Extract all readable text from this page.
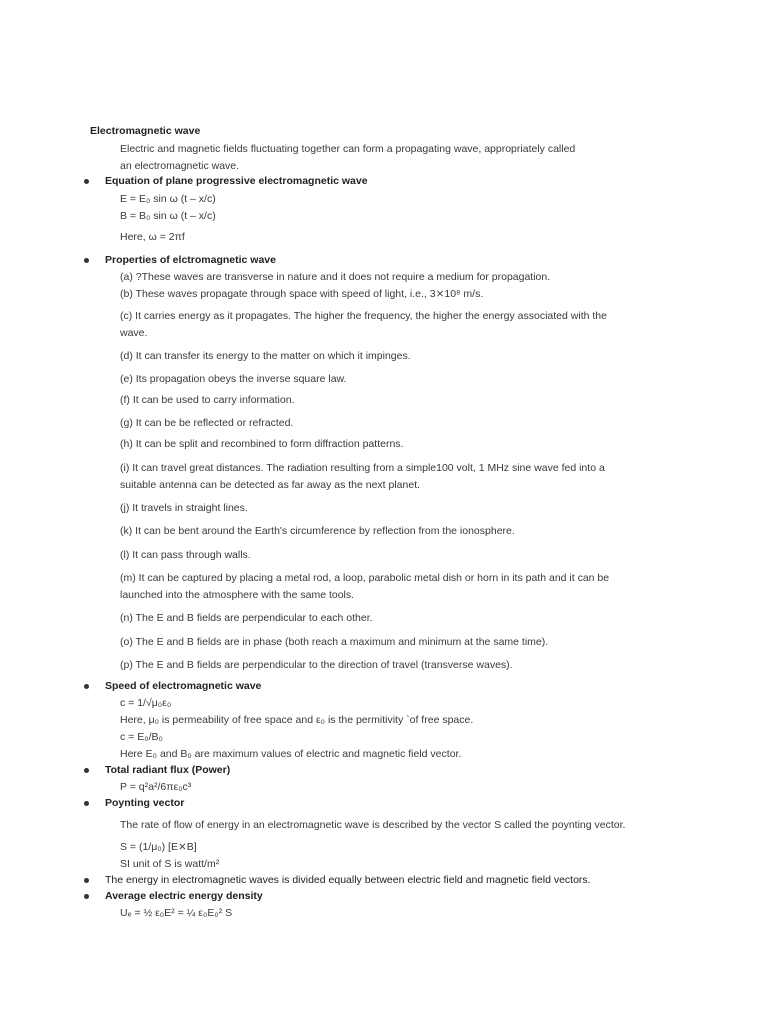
Electromagnetic wave
Electric and magnetic fields fluctuating together can form a propagating wave, appropriately called
an electromagnetic wave.
Equation of plane progressive electromagnetic wave
E = E₀ sin ω (t – x/c)
B = B₀ sin ω (t – x/c)
Here, ω = 2πf
Properties of elctromagnetic wave
(a) ?These waves are transverse in nature and it does not require a medium for propagation.
(b) These waves propagate through space with speed of light, i.e., 3⨯10⁸ m/s.
(c) It carries energy as it propagates. The higher the frequency, the higher the energy associated with the
wave.
(d) It can transfer its energy to the matter on which it impinges.
(e) Its propagation obeys the inverse square law.
(f) It can be used to carry information.
(g) It can be be reflected or refracted.
(h) It can be split and recombined to form diffraction patterns.
(i) It can travel great distances. The radiation resulting from a simple100 volt, 1 MHz sine wave fed into a
suitable antenna can be detected as far away as the next planet.
(j) It travels in straight lines.
(k) It can be bent around the Earth's circumference by reflection from the ionosphere.
(l) It can pass through walls.
(m) It can be captured by placing a metal rod, a loop, parabolic metal dish or horn in its path and it can be
launched into the atmosphere with the same tools.
(n) The E and B fields are perpendicular to each other.
(o) The E and B fields are in phase (both reach a maximum and minimum at the same time).
(p) The E and B fields are perpendicular to the direction of travel (transverse waves).
Speed of electromagnetic wave
c = 1/√μ₀ε₀
Here, μ₀ is permeability of free space and ε₀ is the permitivity `of free space.
c = E₀/B₀
Here E₀ and B₀ are maximum values of electric and magnetic field vector.
Total radiant flux (Power)
P = q²a²/6πε₀c³
Poynting vector
The rate of flow of energy in an electromagnetic wave is described by the vector S called the poynting vector.
S = (1/μ₀) [E⨯B]
SI unit of S is watt/m²
The energy in electromagnetic waves is divided equally between electric field and magnetic field vectors.
Average electric energy density
Uₑ = ½ ε₀E² = ¼ ε₀E₀² S
